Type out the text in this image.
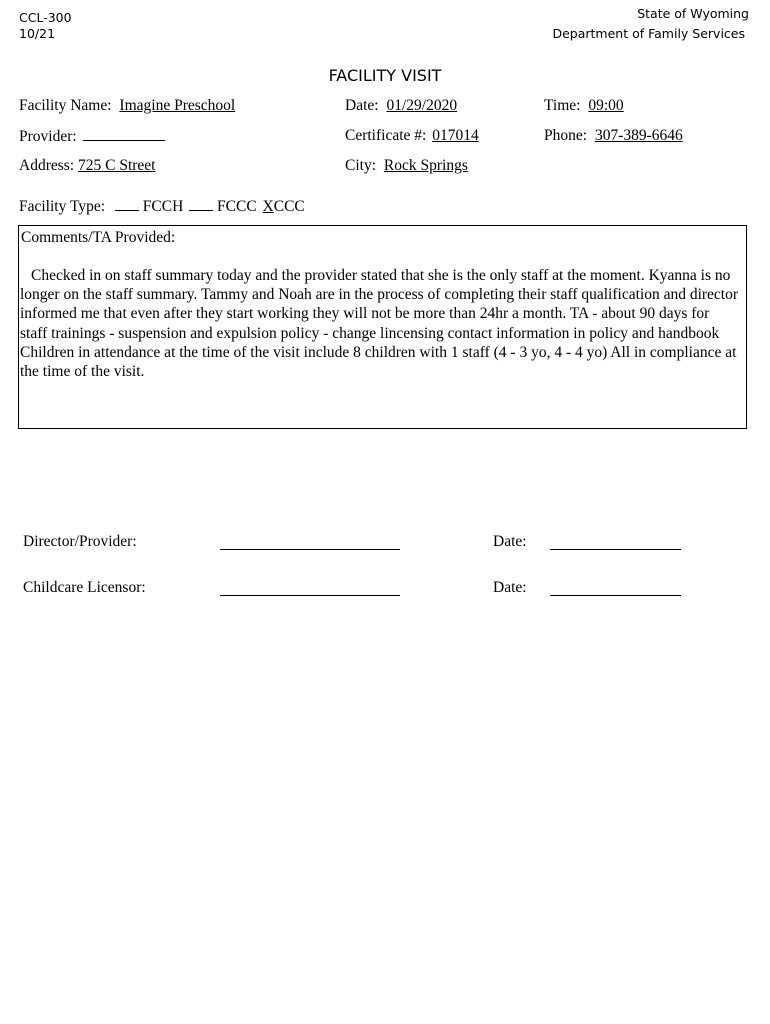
CCL-300
10/21
State of Wyoming
Department of Family Services
FACILITY VISIT
Facility Name: Imagine Preschool	Date: 01/29/2020	Time: 09:00
Provider:	Certificate #: 017014	Phone: 307-389-6646
Address: 725 C Street	City: Rock Springs
Facility Type: FCCH FCCC XCCC
Comments/TA Provided:
Checked in on staff summary today and the provider stated that she is the only staff at the moment. Kyanna is no longer on the staff summary. Tammy and Noah are in the process of completing their staff qualification and director informed me that even after they start working they will not be more than 24hr a month. TA - about 90 days for staff trainings - suspension and expulsion policy - change lincensing contact information in policy and handbook Children in attendance at the time of the visit include 8 children with 1 staff (4 - 3 yo, 4 - 4 yo) All in compliance at the time of the visit.
Director/Provider:	Date:
Childcare Licensor:	Date:
